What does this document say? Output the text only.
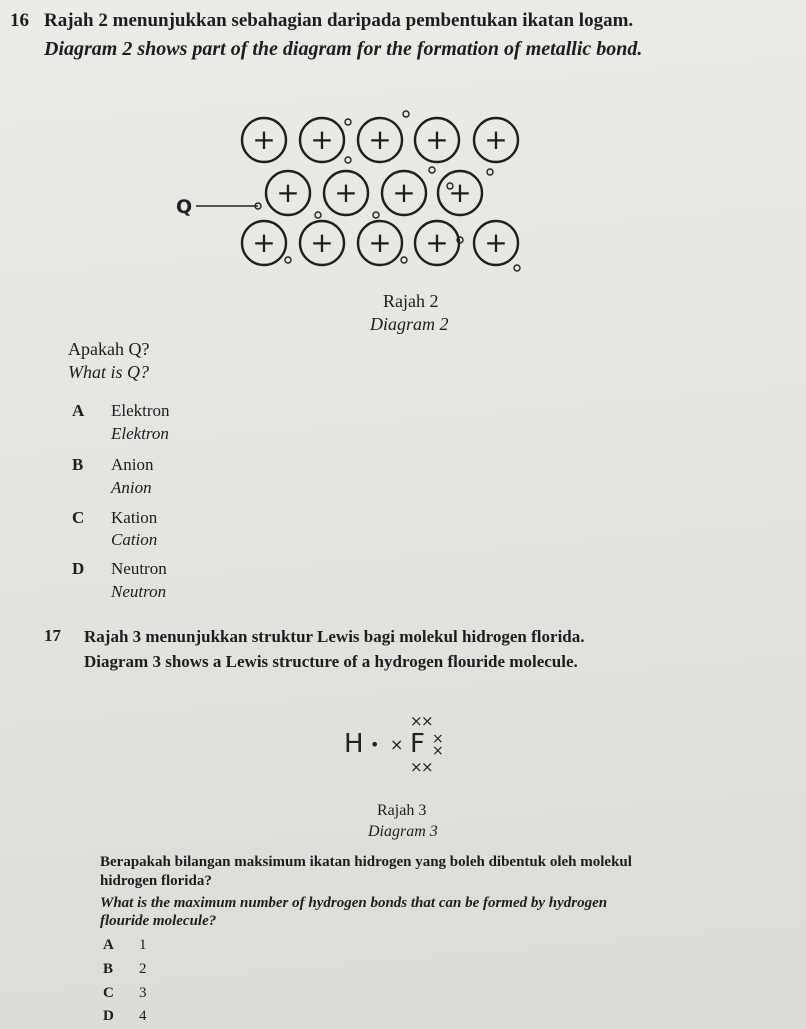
16 Rajah 2 menunjukkan sebahagian daripada pembentukan ikatan logam.
Diagram 2 shows part of the diagram for the formation of metallic bond.
+ + + + +
+ + + +
+ + + + +
Q
Rajah 2
Diagram 2
Apakah Q?
What is Q?
A Elektron
Elektron
B Anion
Anion
C Kation
Cation
D Neutron
Neutron
17 Rajah 3 menunjukkan struktur Lewis bagi molekul hidrogen florida.
Diagram 3 shows a Lewis structure of a hydrogen flouride molecule.
H • × F
×
×
×
×
×
×
Rajah 3
Diagram 3
Berapakah bilangan maksimum ikatan hidrogen yang boleh dibentuk oleh molekul
hidrogen florida?
What is the maximum number of hydrogen bonds that can be formed by hydrogen
flouride molecule?
A 1
B 2
C 3
D 4
